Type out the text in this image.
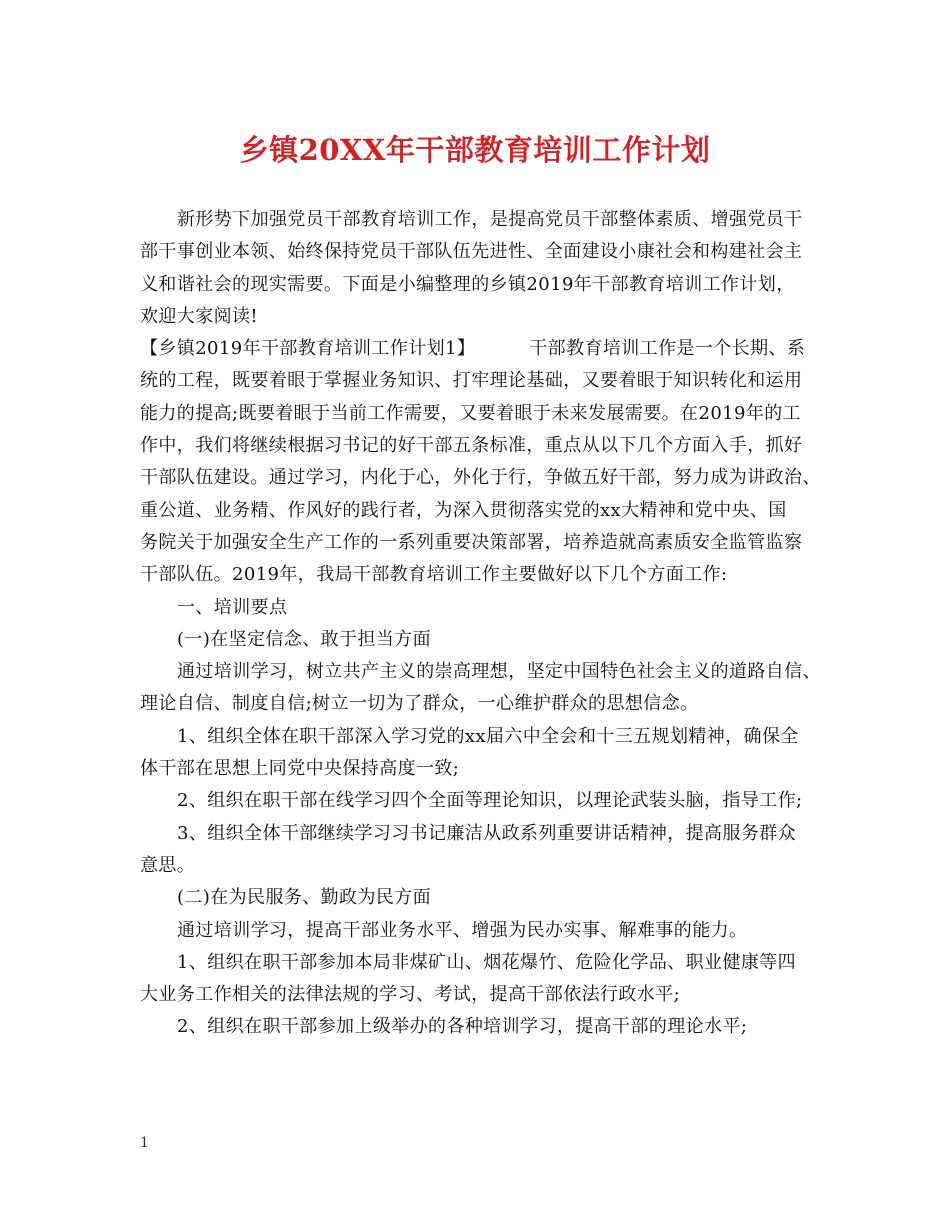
乡镇20XX年干部教育培训工作计划
新形势下加强党员干部教育培训工作，是提高党员干部整体素质、增强党员干
部干事创业本领、始终保持党员干部队伍先进性、全面建设小康社会和构建社会主
义和谐社会的现实需要。下面是小编整理的乡镇2019年干部教育培训工作计划，
欢迎大家阅读!
【乡镇2019年干部教育培训工作计划1】	干部教育培训工作是一个长期、系
统的工程，既要着眼于掌握业务知识、打牢理论基础，又要着眼于知识转化和运用
能力的提高;既要着眼于当前工作需要，又要着眼于未来发展需要。在2019年的工
作中，我们将继续根据习书记的好干部五条标准，重点从以下几个方面入手，抓好
干部队伍建设。通过学习，内化于心，外化于行，争做五好干部，努力成为讲政治、
重公道、业务精、作风好的践行者，为深入贯彻落实党的xx大精神和党中央、国
务院关于加强安全生产工作的一系列重要决策部署，培养造就高素质安全监管监察
干部队伍。2019年，我局干部教育培训工作主要做好以下几个方面工作:
一、培训要点
(一)在坚定信念、敢于担当方面
通过培训学习，树立共产主义的崇高理想，坚定中国特色社会主义的道路自信、
理论自信、制度自信;树立一切为了群众，一心维护群众的思想信念。
1、组织全体在职干部深入学习党的xx届六中全会和十三五规划精神，确保全
体干部在思想上同党中央保持高度一致;
2、组织在职干部在线学习四个全面等理论知识，以理论武装头脑，指导工作;
3、组织全体干部继续学习习书记廉洁从政系列重要讲话精神，提高服务群众
意思。
(二)在为民服务、勤政为民方面
通过培训学习，提高干部业务水平、增强为民办实事、解难事的能力。
1、组织在职干部参加本局非煤矿山、烟花爆竹、危险化学品、职业健康等四
大业务工作相关的法律法规的学习、考试，提高干部依法行政水平;
2、组织在职干部参加上级举办的各种培训学习，提高干部的理论水平;
1
